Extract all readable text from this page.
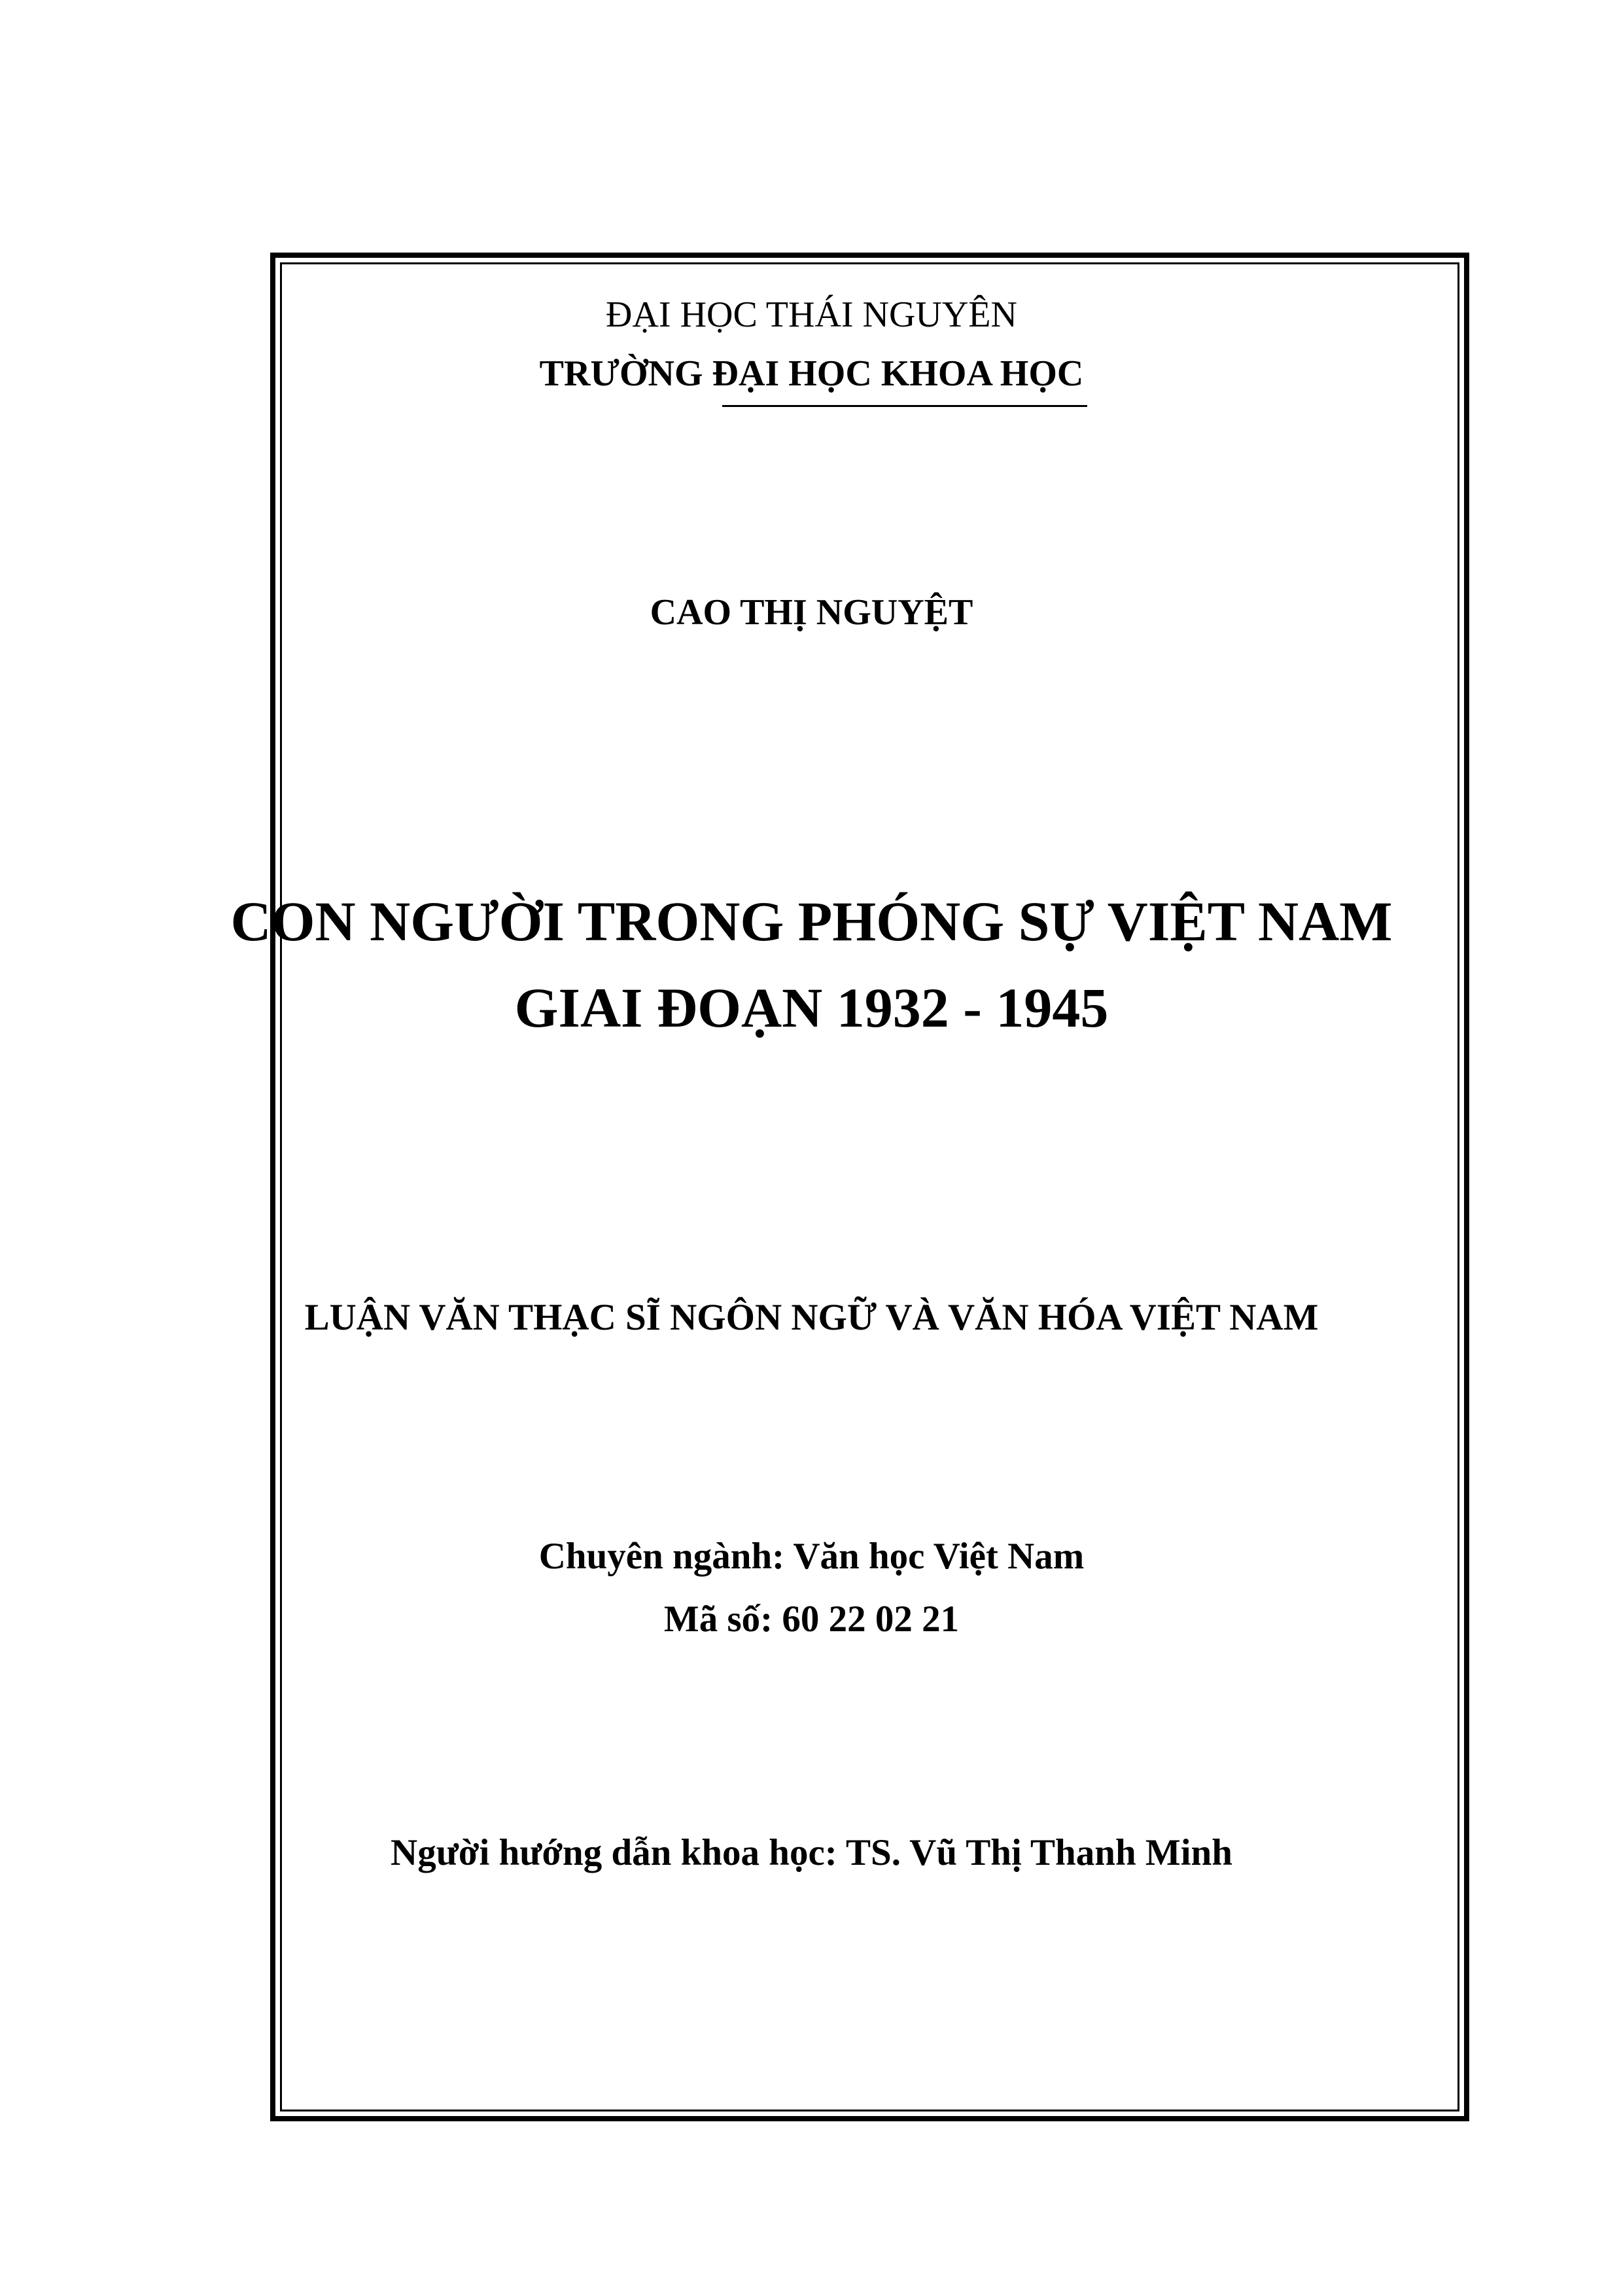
ĐẠI HỌC THÁI NGUYÊN
TRƯỜNG ĐẠI HỌC KHOA HỌC
CAO THỊ NGUYỆT
CON NGƯỜI TRONG PHÓNG SỰ VIỆT NAM
GIAI ĐOẠN 1932 - 1945
LUẬN VĂN THẠC SĨ NGÔN NGỮ VÀ VĂN HÓA VIỆT NAM
Chuyên ngành: Văn học Việt Nam
Mã số: 60 22 02 21
Người hướng dẫn khoa học: TS. Vũ Thị Thanh Minh
